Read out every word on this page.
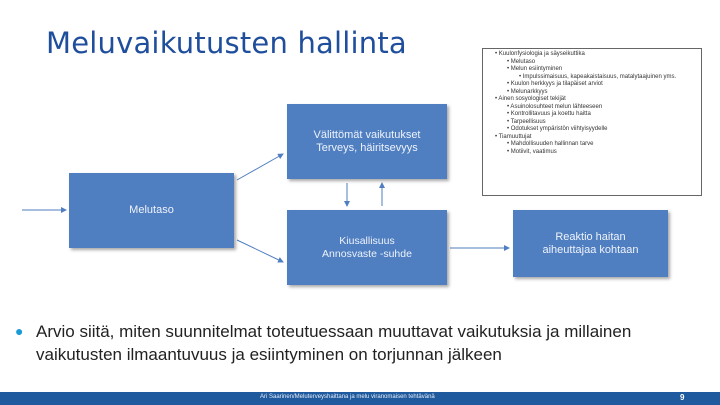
Meluvaikutusten hallinta	• Kuulonfysiologia ja säyseikuttika
• Melutaso
• Melun esiintyminen
• Impulssimaisuus, kapeakaistaisuus, matalytaajuinen yms.
• Kuulon herkkyys ja tilapäiset arviot
• Melunarkkyys
• Ainen sosyologiset tekijät
• Asuinolosuhteet melun lähteeseen
• Kontrollitavuus ja koettu haitta
• Tarpeellisuus
• Odotukset ympäristön viihtyisyydelle
• Tiamuuttujat
• Mahdollisuuden hallinnan tarve
• Motiivit, vaatimus
Melutaso
Välittömät vaikutukset
Terveys, häiritsevyys
Kiusallisuus
Annosvaste -suhde
Reaktio haitan
aiheuttajaa kohtaan
● Arvio siitä, miten suunnitelmat toteutuessaan muuttavat vaikutuksia ja millainen vaikutusten ilmaantuvuus ja esiintyminen on torjunnan jälkeen
Ari Saarinen/Meluterveyshaittana ja melu viranomaisen tehtävänä	9
